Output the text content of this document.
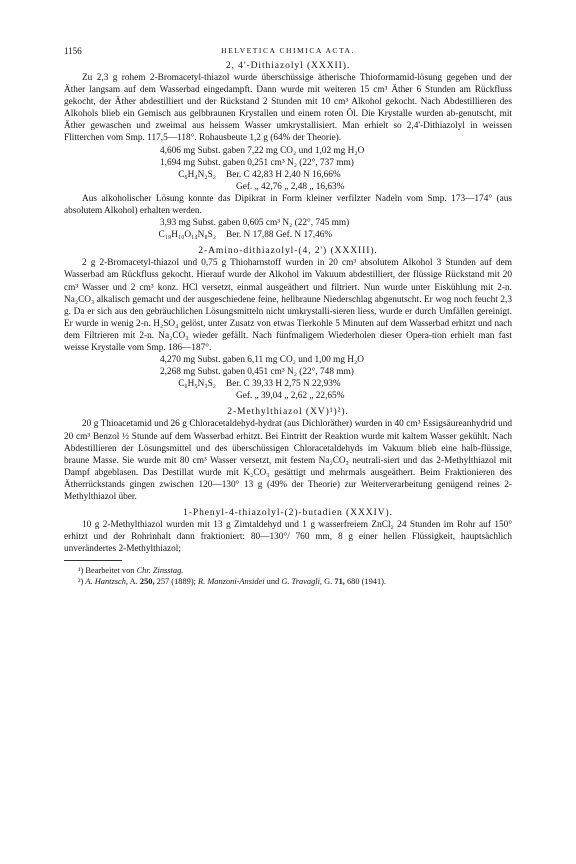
1156	HELVETICA CHIMICA ACTA.
2, 4'-Dithiazolyl (XXXII).

Zu 2,3 g rohem 2-Bromacetyl-thiazol wurde überschüssige ätherische Thioformamid-lösung gegeben und der Äther langsam auf dem Wasserbad eingedampft. Dann wurde mit weiteren 15 cm³ Äther 6 Stunden am Rückfluss gekocht, der Äther abdestilliert und der Rückstand 2 Stunden mit 10 cm³ Alkohol gekocht. Nach Abdestillieren des Alkohols blieb ein Gemisch aus gelbbraunen Krystallen und einem roten Öl. Die Krystalle wurden ab-genutscht, mit Äther gewaschen und zweimal aus heissem Wasser umkrystallisiert. Man erhielt so 2,4'-Dithiazolyl in weissen Flitterchen vom Smp. 117,5—118°. Rohausbeute 1,2 g (64% der Theorie).

4,606 mg Subst. gaben 7,22 mg CO₂ und 1,02 mg H₂O
1,694 mg Subst. gaben 0,251 cm³ N₂ (22°, 737 mm)
C₆H₄N₂S₂	Ber. C 42,83 H 2,40 N 16,66%
Gef. „ 42,76 „ 2,48 „ 16,63%

Aus alkoholischer Lösung konnte das Dipikrat in Form kleiner verfilzter Nadeln vom Smp. 173—174° (aus absolutem Alkohol) erhalten werden.

3,93 mg Subst. gaben 0,605 cm³ N₂ (22°, 745 mm)
C₁₈H₁₀O₁₄N₈S₂	Ber. N 17,88 Gef. N 17,46%
2-Amino-dithiazolyl-(4, 2') (XXXIII).

2 g 2-Bromacetyl-thiazol und 0,75 g Thioharnstoff wurden in 20 cm³ absolutem Alkohol 3 Stunden auf dem Wasserbad am Rückfluss gekocht. Hierauf wurde der Alkohol im Vakuum abdestilliert, der flüssige Rückstand mit 20 cm³ Wasser und 2 cm³ konz. HCl versetzt, einmal ausgeäthert und filtriert. Nun wurde unter Eiskühlung mit 2-n. Na₂CO₃ alkalisch gemacht und der ausgeschiedene feine, hellbraune Niederschlag abgenutscht. Er wog noch feucht 2,3 g. Da er sich aus den gebräuchlichen Lösungsmitteln nicht umkrystalli-sieren liess, wurde er durch Umfällen gereinigt. Er wurde in wenig 2-n. H₂SO₄ gelöst, unter Zusatz von etwas Tierkohle 5 Minuten auf dem Wasserbad erhitzt und nach dem Filtrieren mit 2-n. Na₂CO₃ wieder gefällt. Nach fünfmaligem Wiederholen dieser Opera-tion erhielt man fast weisse Krystalle vom Smp. 186—187°.

4,270 mg Subst. gaben 6,11 mg CO₂ und 1,00 mg H₂O
2,268 mg Subst. gaben 0,451 cm³ N₂ (22°, 748 mm)
C₆H₅N₃S₂	Ber. C 39,33 H 2,75 N 22,93%
Gef. „ 39,04 „ 2,62 „ 22,65%
2-Methylthiazol (XV)¹)²).

20 g Thioacetamid und 26 g Chloracetaldehyd-hydrat (aus Dichloräther) wurden in 40 cm³ Essigsäureanhydrid und 20 cm³ Benzol ½ Stunde auf dem Wasserbad erhitzt. Bei Eintritt der Reaktion wurde mit kaltem Wasser gekühlt. Nach Abdestillieren der Lösungsmittel und des überschüssigen Chloracetaldehyds im Vakuum blieb eine halb-flüssige, braune Masse. Sie wurde mit 80 cm³ Wasser versetzt, mit festem Na₂CO₃ neutrali-siert und das 2-Methylthiazol mit Dampf abgeblasen. Das Destillat wurde mit K₂CO₃ gesättigt und mehrmals ausgeäthert. Beim Fraktionieren des Ätherrückstands gingen zwischen 120—130° 13 g (49% der Theorie) zur Weiterverarbeitung genügend reines 2-Methylthiazol über.

1-Phenyl-4-thiazolyl-(2)-butadien (XXXIV).

10 g 2-Methylthiazol wurden mit 13 g Zimtaldehyd und 1 g wasserfreiem ZnCl₂ 24 Stunden im Rohr auf 150° erhitzt und der Rohrinhalt dann fraktioniert: 80—130°/ 760 mm, 8 g einer hellen Flüssigkeit, hauptsächlich unverändertes 2-Methylthiazol;

¹) Bearbeitet von Chr. Zinsstag.

²) A. Hantzsch, A. 250, 257 (1889); R. Manzoni-Ansidei und G. Travagli, G. 71, 680 (1941).
